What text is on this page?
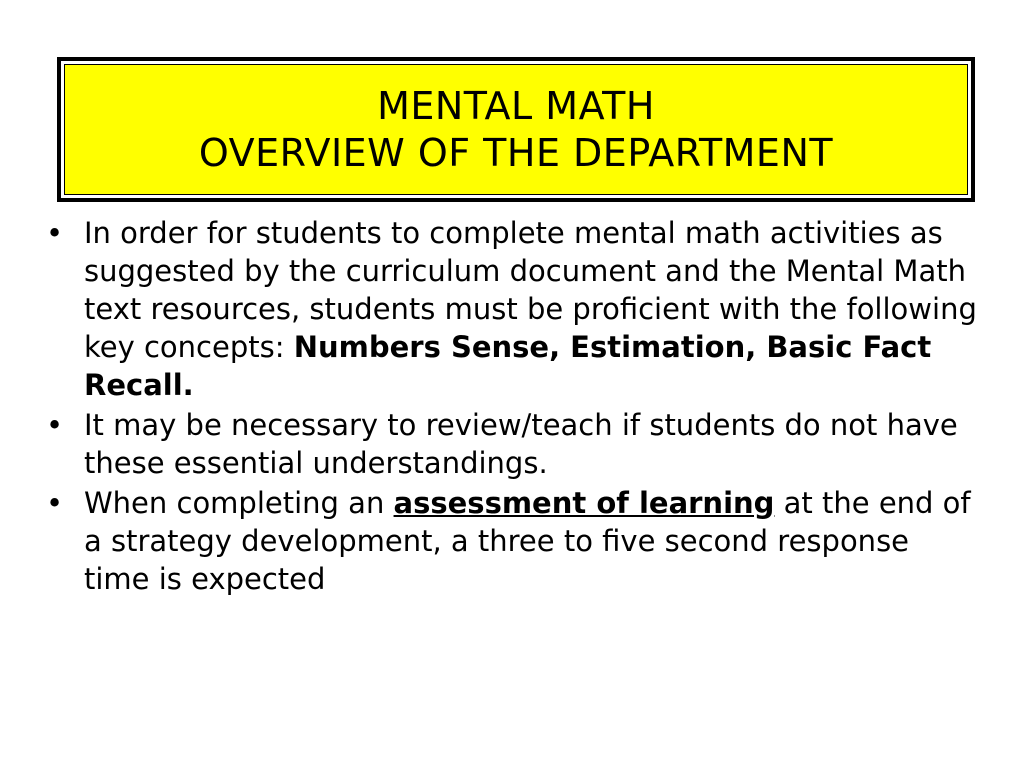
MENTAL MATH
OVERVIEW OF THE DEPARTMENT
• In order for students to complete mental math activities as suggested by the curriculum document and the Mental Math text resources, students must be proficient with the following key concepts: Numbers Sense, Estimation, Basic Fact Recall.
• It may be necessary to review/teach if students do not have these essential understandings.
• When completing an assessment of learning at the end of a strategy development, a three to five second response time is expected
